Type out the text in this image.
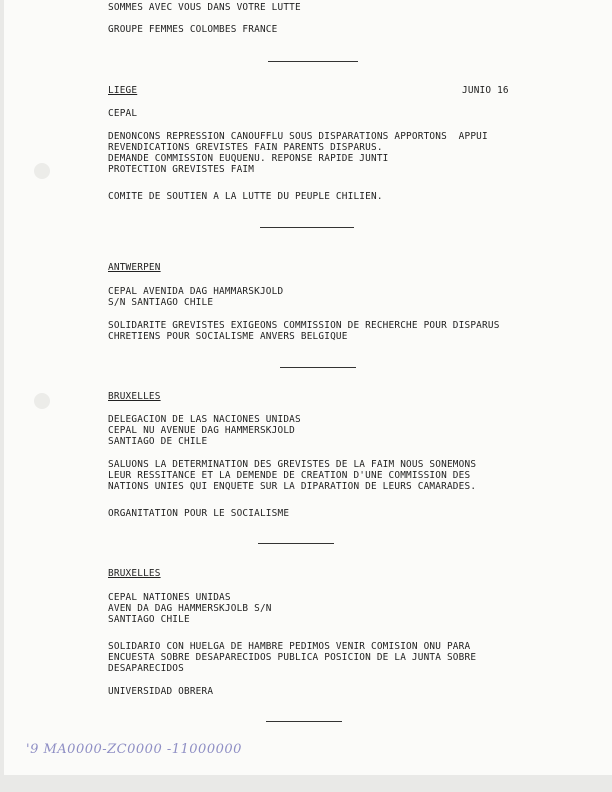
SOMMES AVEC VOUS DANS VOTRE LUTTE
GROUPE FEMMES COLOMBES FRANCE
LIEGE	JUNIO 16
CEPAL
DENONCONS REPRESSION CANOUFFLU SOUS DISPARATIONS APPORTONS  APPUI
REVENDICATIONS GREVISTES FAIN PARENTS DISPARUS.
DEMANDE COMMISSION EUQUENU. REPONSE RAPIDE JUNTI
PROTECTION GREVISTES FAIM
COMITE DE SOUTIEN A LA LUTTE DU PEUPLE CHILIEN.
ANTWERPEN
CEPAL AVENIDA DAG HAMMARSKJOLD
S/N SANTIAGO CHILE
SOLIDARITE GREVISTES EXIGEONS COMMISSION DE RECHERCHE POUR DISPARUS
CHRETIENS POUR SOCIALISME ANVERS BELGIQUE
BRUXELLES
DELEGACION DE LAS NACIONES UNIDAS
CEPAL NU AVENUE DAG HAMMERSKJOLD
SANTIAGO DE CHILE
SALUONS LA DETERMINATION DES GREVISTES DE LA FAIM NOUS SONEMONS
LEUR RESSITANCE ET LA DEMENDE DE CREATION D'UNE COMMISSION DES
NATIONS UNIES QUI ENQUETE SUR LA DIPARATION DE LEURS CAMARADES.
ORGANITATION POUR LE SOCIALISME
BRUXELLES
CEPAL NATIONES UNIDAS
AVEN DA DAG HAMMERSKJOLB S/N
SANTIAGO CHILE
SOLIDARIO CON HUELGA DE HAMBRE PEDIMOS VENIR COMISION ONU PARA
ENCUESTA SOBRE DESAPARECIDOS PUBLICA POSICION DE LA JUNTA SOBRE
DESAPARECIDOS
UNIVERSIDAD OBRERA
'9 MA0000-ZC0000 -11000000
